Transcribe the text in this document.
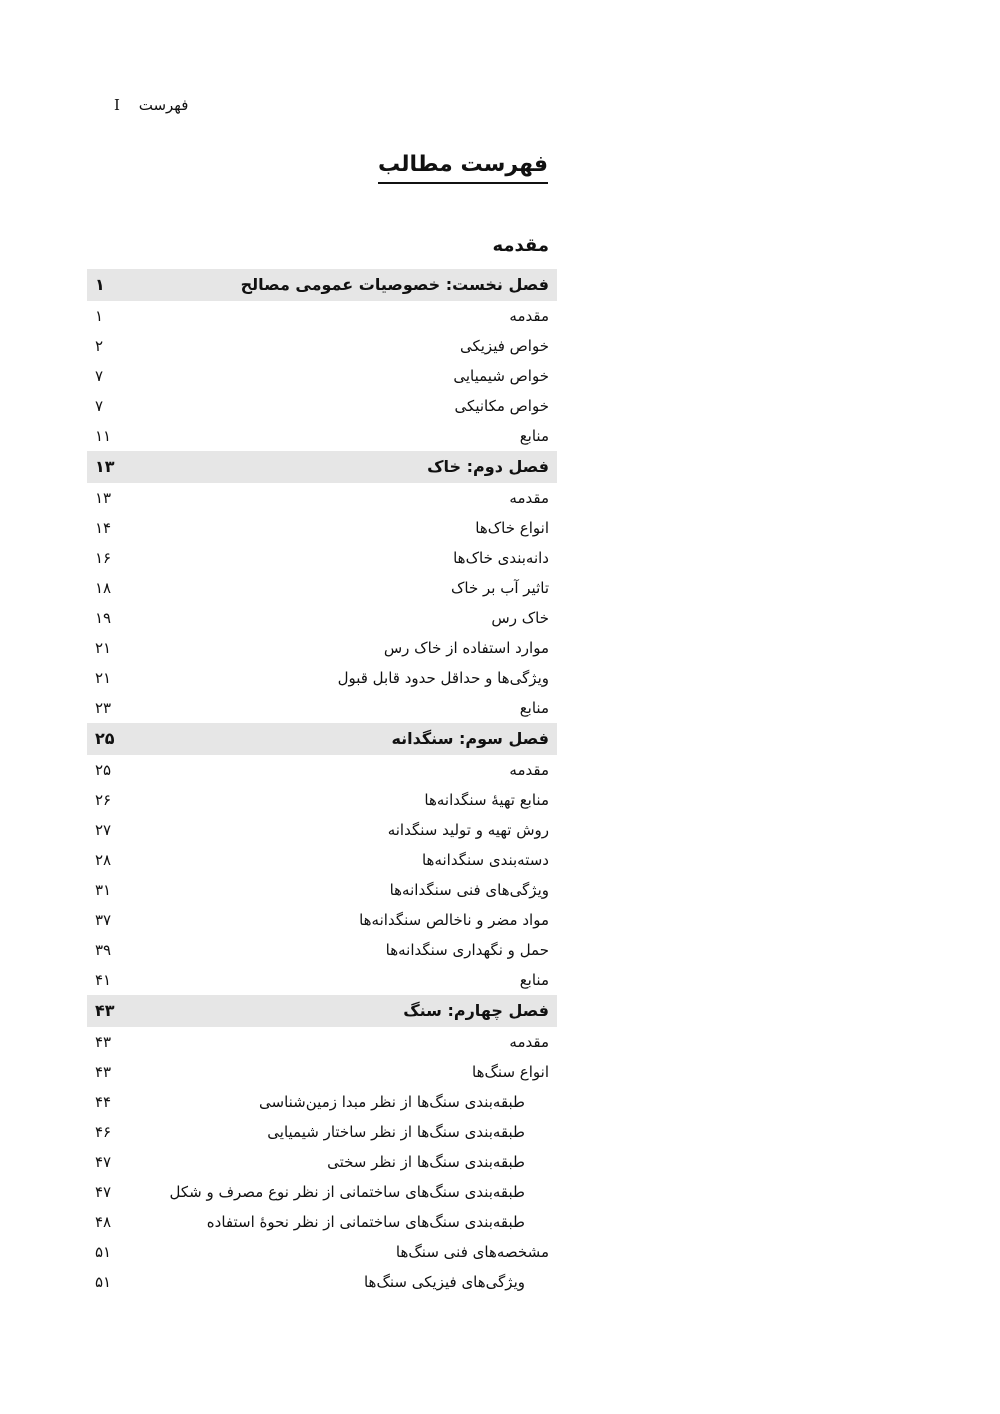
I فهرست
فهرست مطالب
مقدمه
فصل نخست: خصوصیات عمومی مصالح
۱
مقدمه
۱
خواص فیزیکی
۲
خواص شیمیایی
۷
خواص مکانیکی
۷
منابع
۱۱
فصل دوم: خاک
۱۳
مقدمه
۱۳
انواع خاک‌ها
۱۴
دانه‌بندی خاک‌ها
۱۶
تاثیر آب بر خاک
۱۸
خاک رس
۱۹
موارد استفاده از خاک رس
۲۱
ویژگی‌ها و حداقل حدود قابل قبول
۲۱
منابع
۲۳
فصل سوم: سنگدانه
۲۵
مقدمه
۲۵
منابع تهیۀ سنگدانه‌ها
۲۶
روش تهیه و تولید سنگدانه
۲۷
دسته‌بندی سنگدانه‌ها
۲۸
ویژگی‌های فنی سنگدانه‌ها
۳۱
مواد مضر و ناخالص سنگدانه‌ها
۳۷
حمل و نگهداری سنگدانه‌ها
۳۹
منابع
۴۱
فصل چهارم: سنگ
۴۳
مقدمه
۴۳
انواع سنگ‌ها
۴۳
طبقه‌بندی سنگ‌ها از نظر مبدا زمین‌شناسی
۴۴
طبقه‌بندی سنگ‌ها از نظر ساختار شیمیایی
۴۶
طبقه‌بندی سنگ‌ها از نظر سختی
۴۷
طبقه‌بندی سنگ‌های ساختمانی از نظر نوع مصرف و شکل
۴۷
طبقه‌بندی سنگ‌های ساختمانی از نظر نحوۀ استفاده
۴۸
مشخصه‌های فنی سنگ‌ها
۵۱
ویژگی‌های فیزیکی سنگ‌ها
۵۱
